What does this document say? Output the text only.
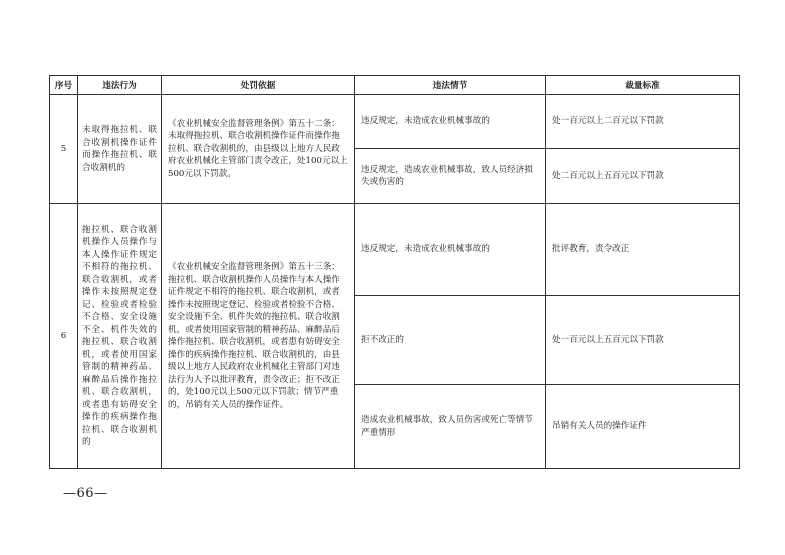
序号	违法行为	处罚依据	违法情节	裁量标准
5	未取得拖拉机、联合收割机操作证件而操作拖拉机、联合收割机的	《农业机械安全监督管理条例》第五十二条：未取得拖拉机、联合收割机操作证件而操作拖拉机、联合收割机的，由县级以上地方人民政府农业机械化主管部门责令改正，处100元以上500元以下罚款。	违反规定，未造成农业机械事故的	处一百元以上二百元以下罚款
			违反规定，造成农业机械事故，致人员经济损失或伤害的	处二百元以上五百元以下罚款
6	拖拉机、联合收割机操作人员操作与本人操作证件规定不相符的拖拉机、联合收割机，或者操作未按照规定登记、检验或者检验不合格、安全设施不全、机件失效的拖拉机、联合收割机，或者使用国家管制的精神药品、麻醉品后操作拖拉机、联合收割机，或者患有妨碍安全操作的疾病操作拖拉机、联合收割机的	《农业机械安全监督管理条例》第五十三条：拖拉机、联合收割机操作人员操作与本人操作证件规定不相符的拖拉机、联合收割机，或者操作未按照规定登记、检验或者检验不合格、安全设施不全、机件失效的拖拉机、联合收割机，或者使用国家管制的精神药品、麻醉品后操作拖拉机、联合收割机，或者患有妨碍安全操作的疾病操作拖拉机、联合收割机的，由县级以上地方人民政府农业机械化主管部门对违法行为人予以批评教育，责令改正；拒不改正的，处100元以上500元以下罚款；情节严重的，吊销有关人员的操作证件。	违反规定，未造成农业机械事故的	批评教育，责令改正
			拒不改正的	处一百元以上五百元以下罚款
			造成农业机械事故，致人员伤害或死亡等情节严重情形	吊销有关人员的操作证件
—66—
